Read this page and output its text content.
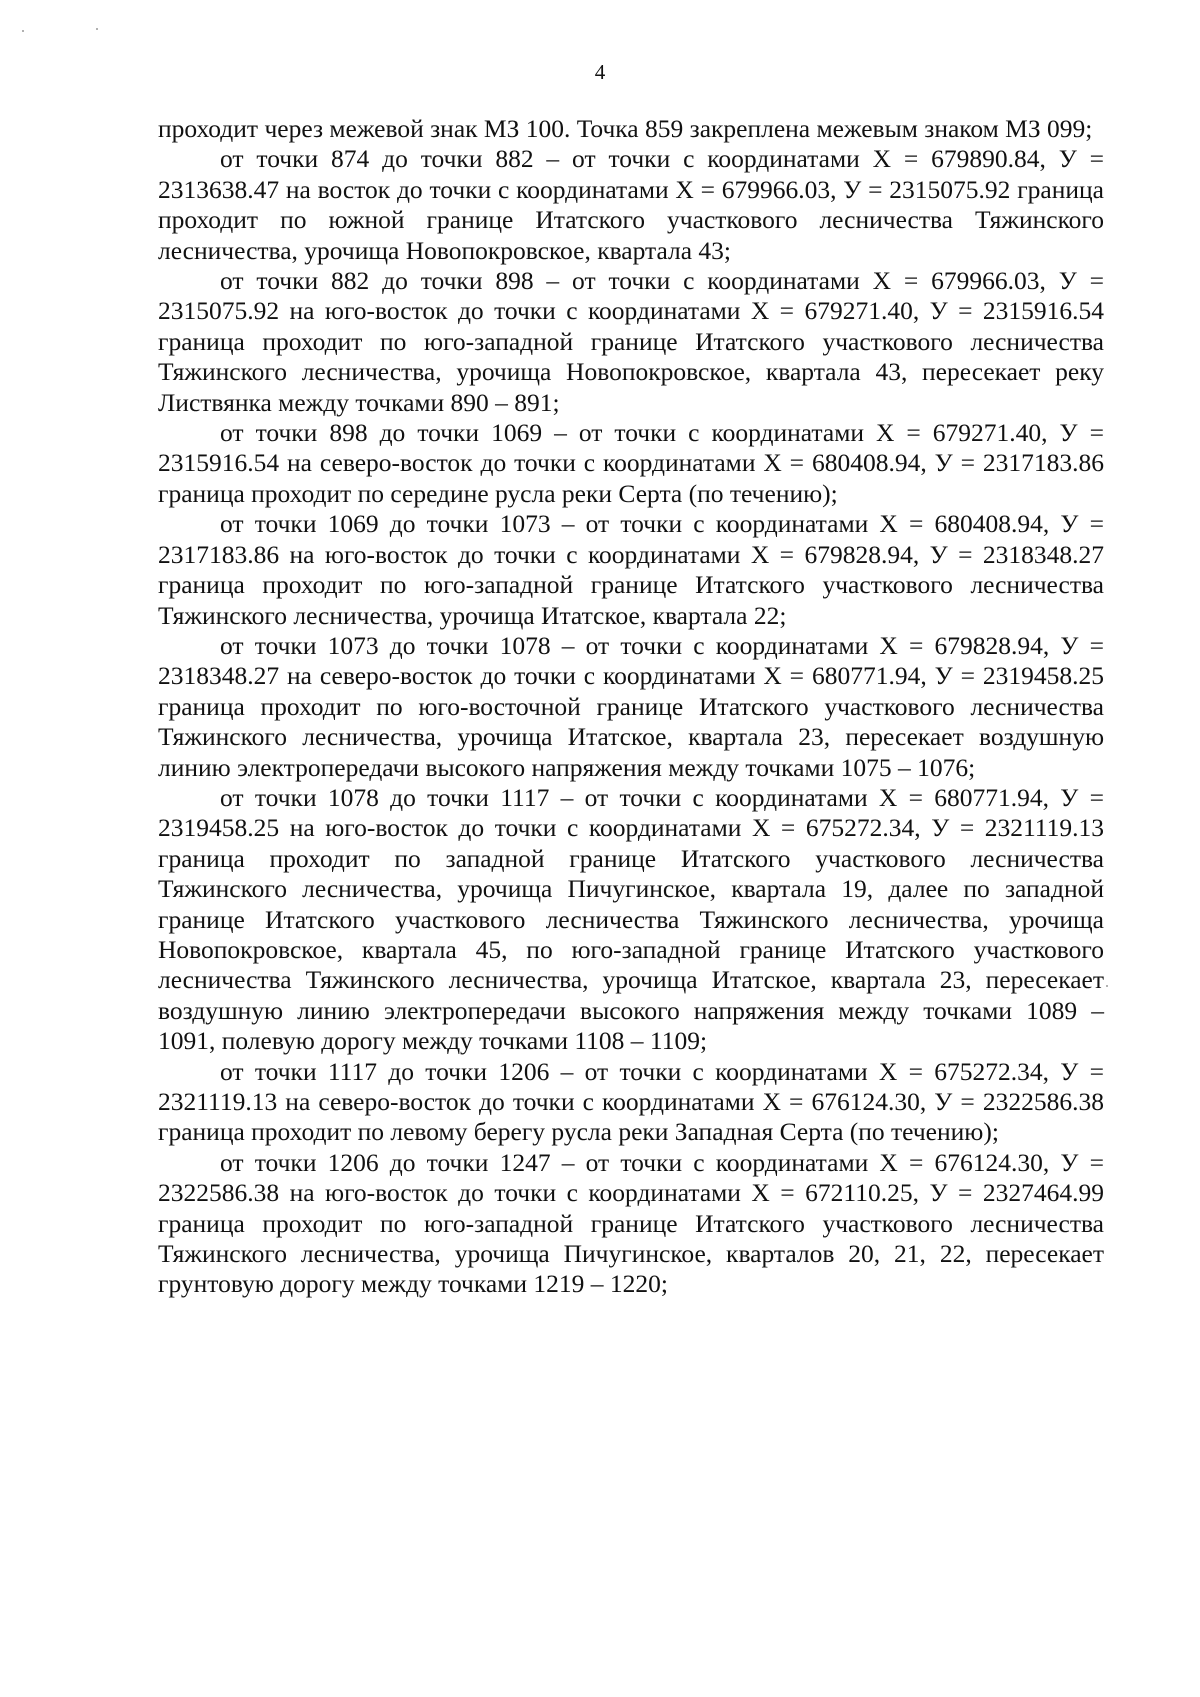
4

проходит через межевой знак МЗ 100. Точка 859 закреплена межевым знаком МЗ 099;

от точки 874 до точки 882 – от точки с координатами Х = 679890.84, У = 2313638.47 на восток до точки с координатами Х = 679966.03, У = 2315075.92 граница проходит по южной границе Итатского участкового лесничества Тяжинского лесничества, урочища Новопокровское, квартала 43;

от точки 882 до точки 898 – от точки с координатами Х = 679966.03, У = 2315075.92 на юго-восток до точки с координатами Х = 679271.40, У = 2315916.54 граница проходит по юго-западной границе Итатского участкового лесничества Тяжинского лесничества, урочища Новопокровское, квартала 43, пересекает реку Листвянка между точками 890 – 891;

от точки 898 до точки 1069 – от точки с координатами Х = 679271.40, У = 2315916.54 на северо-восток до точки с координатами Х = 680408.94, У = 2317183.86 граница проходит по середине русла реки Серта (по течению);

от точки 1069 до точки 1073 – от точки с координатами Х = 680408.94, У = 2317183.86 на юго-восток до точки с координатами Х = 679828.94, У = 2318348.27 граница проходит по юго-западной границе Итатского участкового лесничества Тяжинского лесничества, урочища Итатское, квартала 22;

от точки 1073 до точки 1078 – от точки с координатами Х = 679828.94, У = 2318348.27 на северо-восток до точки с координатами Х = 680771.94, У = 2319458.25 граница проходит по юго-восточной границе Итатского участкового лесничества Тяжинского лесничества, урочища Итатское, квартала 23, пересекает воздушную линию электропередачи высокого напряжения между точками 1075 – 1076;

от точки 1078 до точки 1117 – от точки с координатами Х = 680771.94, У = 2319458.25 на юго-восток до точки с координатами Х = 675272.34, У = 2321119.13 граница проходит по западной границе Итатского участкового лесничества Тяжинского лесничества, урочища Пичугинское, квартала 19, далее по западной границе Итатского участкового лесничества Тяжинского лесничества, урочища Новопокровское, квартала 45, по юго-западной границе Итатского участкового лесничества Тяжинского лесничества, урочища Итатское, квартала 23, пересекает воздушную линию электропередачи высокого напряжения между точками 1089 – 1091, полевую дорогу между точками 1108 – 1109;

от точки 1117 до точки 1206 – от точки с координатами Х = 675272.34, У = 2321119.13 на северо-восток до точки с координатами Х = 676124.30, У = 2322586.38 граница проходит по левому берегу русла реки Западная Серта (по течению);

от точки 1206 до точки 1247 – от точки с координатами Х = 676124.30, У = 2322586.38 на юго-восток до точки с координатами Х = 672110.25, У = 2327464.99 граница проходит по юго-западной границе Итатского участкового лесничества Тяжинского лесничества, урочища Пичугинское, кварталов 20, 21, 22, пересекает грунтовую дорогу между точками 1219 – 1220;
